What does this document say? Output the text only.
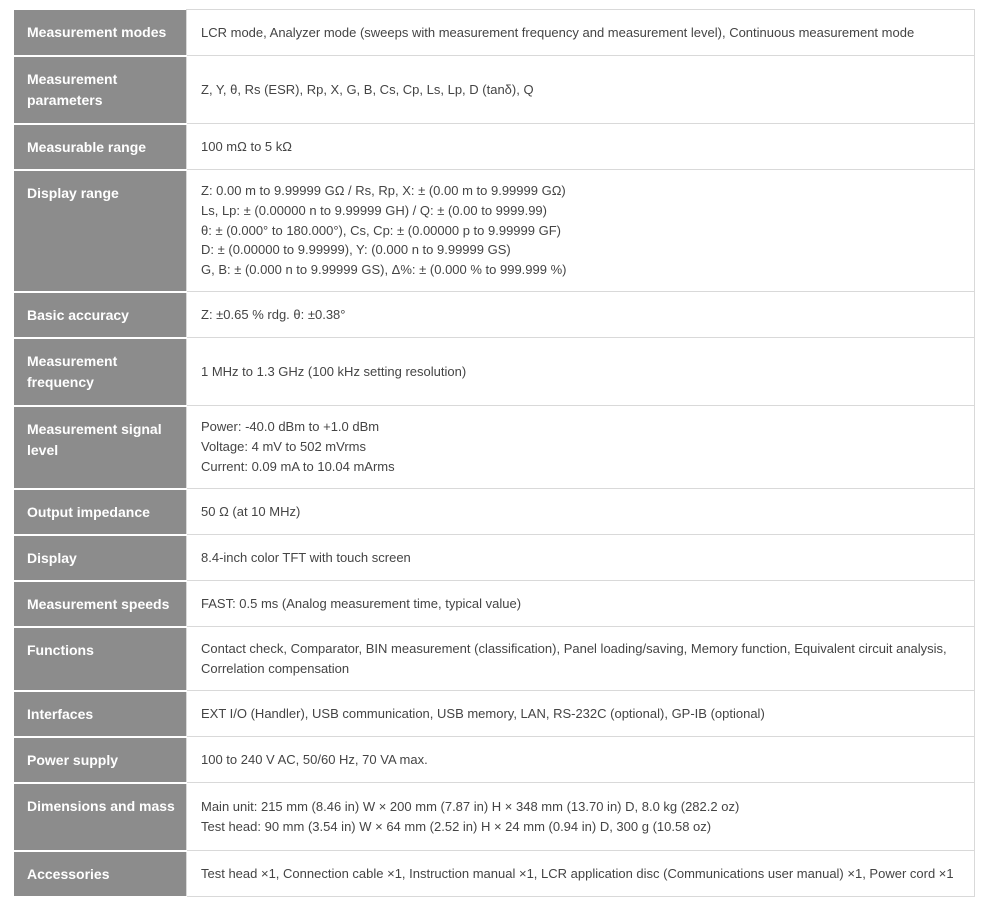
Measurement modes	LCR mode, Analyzer mode (sweeps with measurement frequency and measurement level), Continuous measurement mode

Measurement parameters	Z, Y, θ, Rs (ESR), Rp, X, G, B, Cs, Cp, Ls, Lp, D (tanδ), Q

Measurable range	100 mΩ to 5 kΩ

Display range	Z: 0.00 m to 9.99999 GΩ / Rs, Rp, X: ± (0.00 m to 9.99999 GΩ)
Ls, Lp: ± (0.00000 n to 9.99999 GH) / Q: ± (0.00 to 9999.99)
θ: ± (0.000° to 180.000°), Cs, Cp: ± (0.00000 p to 9.99999 GF)
D: ± (0.00000 to 9.99999), Y: (0.000 n to 9.99999 GS)
G, B: ± (0.000 n to 9.99999 GS), Δ%: ± (0.000 % to 999.999 %)

Basic accuracy	Z: ±0.65 % rdg. θ: ±0.38°

Measurement frequency	1 MHz to 1.3 GHz (100 kHz setting resolution)

Measurement signal level	Power: -40.0 dBm to +1.0 dBm
Voltage: 4 mV to 502 mVrms
Current: 0.09 mA to 10.04 mArms

Output impedance	50 Ω (at 10 MHz)

Display	8.4-inch color TFT with touch screen

Measurement speeds	FAST: 0.5 ms (Analog measurement time, typical value)

Functions	Contact check, Comparator, BIN measurement (classification), Panel loading/saving, Memory function, Equivalent circuit analysis, Correlation compensation

Interfaces	EXT I/O (Handler), USB communication, USB memory, LAN, RS-232C (optional), GP-IB (optional)

Power supply	100 to 240 V AC, 50/60 Hz, 70 VA max.

Dimensions and mass	Main unit: 215 mm (8.46 in) W × 200 mm (7.87 in) H × 348 mm (13.70 in) D, 8.0 kg (282.2 oz)
Test head: 90 mm (3.54 in) W × 64 mm (2.52 in) H × 24 mm (0.94 in) D, 300 g (10.58 oz)

Accessories	Test head ×1, Connection cable ×1, Instruction manual ×1, LCR application disc (Communications user manual) ×1, Power cord ×1
